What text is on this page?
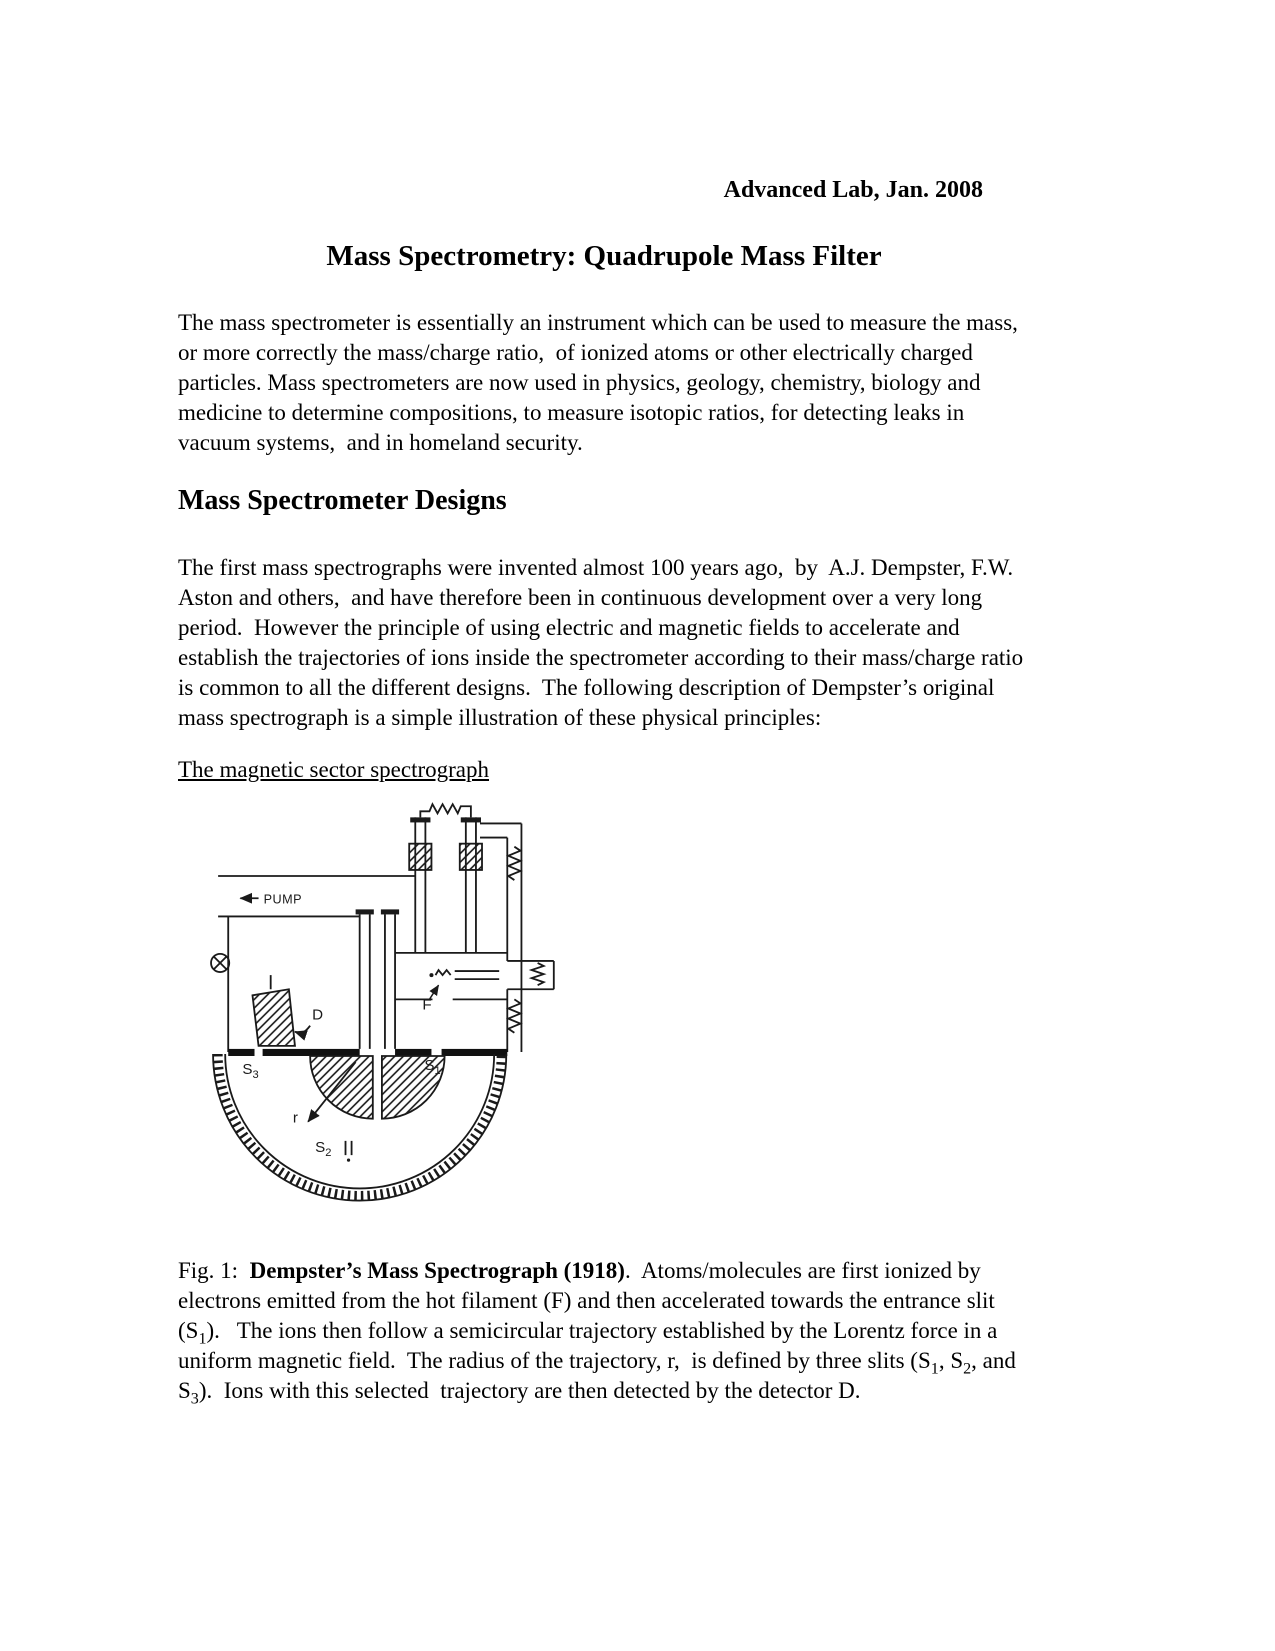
Advanced Lab, Jan. 2008
Mass Spectrometry: Quadrupole Mass Filter

The mass spectrometer is essentially an instrument which can be used to measure the mass, or more correctly the mass/charge ratio,  of ionized atoms or other electrically charged particles. Mass spectrometers are now used in physics, geology, chemistry, biology and medicine to determine compositions, to measure isotopic ratios, for detecting leaks in vacuum systems,  and in homeland security.

Mass Spectrometer Designs

The first mass spectrographs were invented almost 100 years ago,  by  A.J. Dempster, F.W. Aston and others,  and have therefore been in continuous development over a very long period.  However the principle of using electric and magnetic fields to accelerate and establish the trajectories of ions inside the spectrometer according to their mass/charge ratio is common to all the different designs.  The following description of Dempster’s original mass spectrograph is a simple illustration of these physical principles:

The magnetic sector spectrograph

PUMP
F
D
$S_3$
$S_1$
$S_2$
r

Fig. 1:  Dempster’s Mass Spectrograph (1918).  Atoms/molecules are first ionized by electrons emitted from the hot filament (F) and then accelerated towards the entrance slit $(S_1)$.   The ions then follow a semicircular trajectory established by the Lorentz force in a uniform magnetic field.  The radius of the trajectory, r,  is defined by three slits ($S_1$, $S_2$, and $S_3$).  Ions with this selected  trajectory are then detected by the detector D.
